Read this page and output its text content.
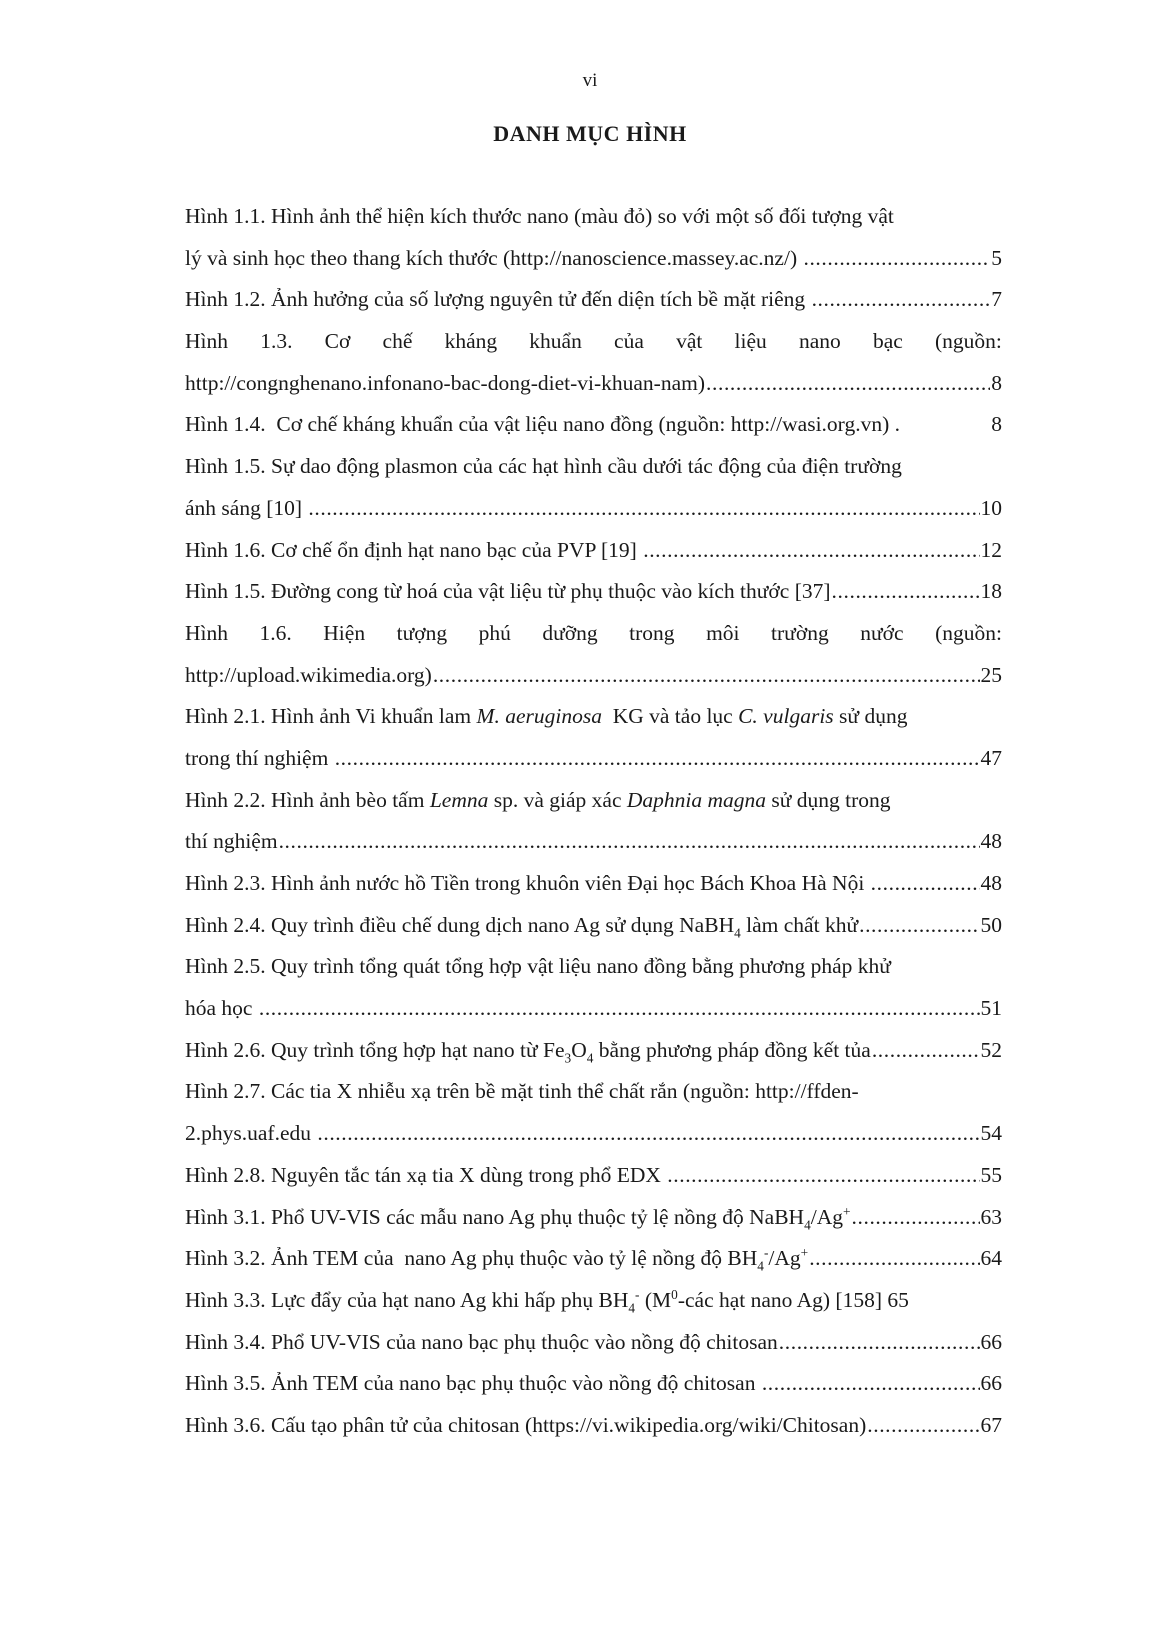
vi
DANH MỤC HÌNH
Hình 1.1. Hình ảnh thể hiện kích thước nano (màu đỏ) so với một số đối tượng vật
lý và sinh học theo thang kích thước (http://nanoscience.massey.ac.nz/) .....	5
Hình 1.2. Ảnh hưởng của số lượng nguyên tử đến diện tích bề mặt riêng .....	7
Hình 1.3. Cơ chế kháng khuẩn của vật liệu nano bạc (nguồn:
http://congnghenano.infonano-bac-dong-diet-vi-khuan-nam) .....	8
Hình 1.4.  Cơ chế kháng khuẩn của vật liệu nano đồng (nguồn: http://wasi.org.vn) .	8
Hình 1.5. Sự dao động plasmon của các hạt hình cầu dưới tác động của điện trường
ánh sáng [10] .....	10
Hình 1.6. Cơ chế ổn định hạt nano bạc của PVP [19] .....	12
Hình 1.5. Đường cong từ hoá của vật liệu từ phụ thuộc vào kích thước [37] .....	18
Hình 1.6. Hiện tượng phú dưỡng trong môi trường nước (nguồn:
http://upload.wikimedia.org) .....	25
Hình 2.1. Hình ảnh Vi khuẩn lam M. aeruginosa  KG và tảo lục C. vulgaris sử dụng
trong thí nghiệm .....	47
Hình 2.2. Hình ảnh bèo tấm Lemna sp. và giáp xác Daphnia magna sử dụng trong
thí nghiệm .....	48
Hình 2.3. Hình ảnh nước hồ Tiền trong khuôn viên Đại học Bách Khoa Hà Nội .....	48
Hình 2.4. Quy trình điều chế dung dịch nano Ag sử dụng NaBH$_4$ làm chất khử .....	50
Hình 2.5. Quy trình tổng quát tổng hợp vật liệu nano đồng bằng phương pháp khử
hóa học .....	51
Hình 2.6. Quy trình tổng hợp hạt nano từ $Fe_3O_4$ bằng phương pháp đồng kết tủa .....	52
Hình 2.7. Các tia X nhiễu xạ trên bề mặt tinh thể chất rắn (nguồn: http://ffden-
2.phys.uaf.edu .....	54
Hình 2.8. Nguyên tắc tán xạ tia X dùng trong phổ EDX .....	55
Hình 3.1. Phổ UV-VIS các mẫu nano Ag phụ thuộc tỷ lệ nồng độ NaBH$_4$/Ag+ .....	63
Hình 3.2. Ảnh TEM của  nano Ag phụ thuộc vào tỷ lệ nồng độ $BH_4^-/Ag^+$ .....	64
Hình 3.3. Lực đẩy của hạt nano Ag khi hấp phụ $BH_4^-$ ($M^0$-các hạt nano Ag) [158] 65
Hình 3.4. Phổ UV-VIS của nano bạc phụ thuộc vào nồng độ chitosan .....	66
Hình 3.5. Ảnh TEM của nano bạc phụ thuộc vào nồng độ chitosan .....	66
Hình 3.6. Cấu tạo phân tử của chitosan (https://vi.wikipedia.org/wiki/Chitosan) .....	67
